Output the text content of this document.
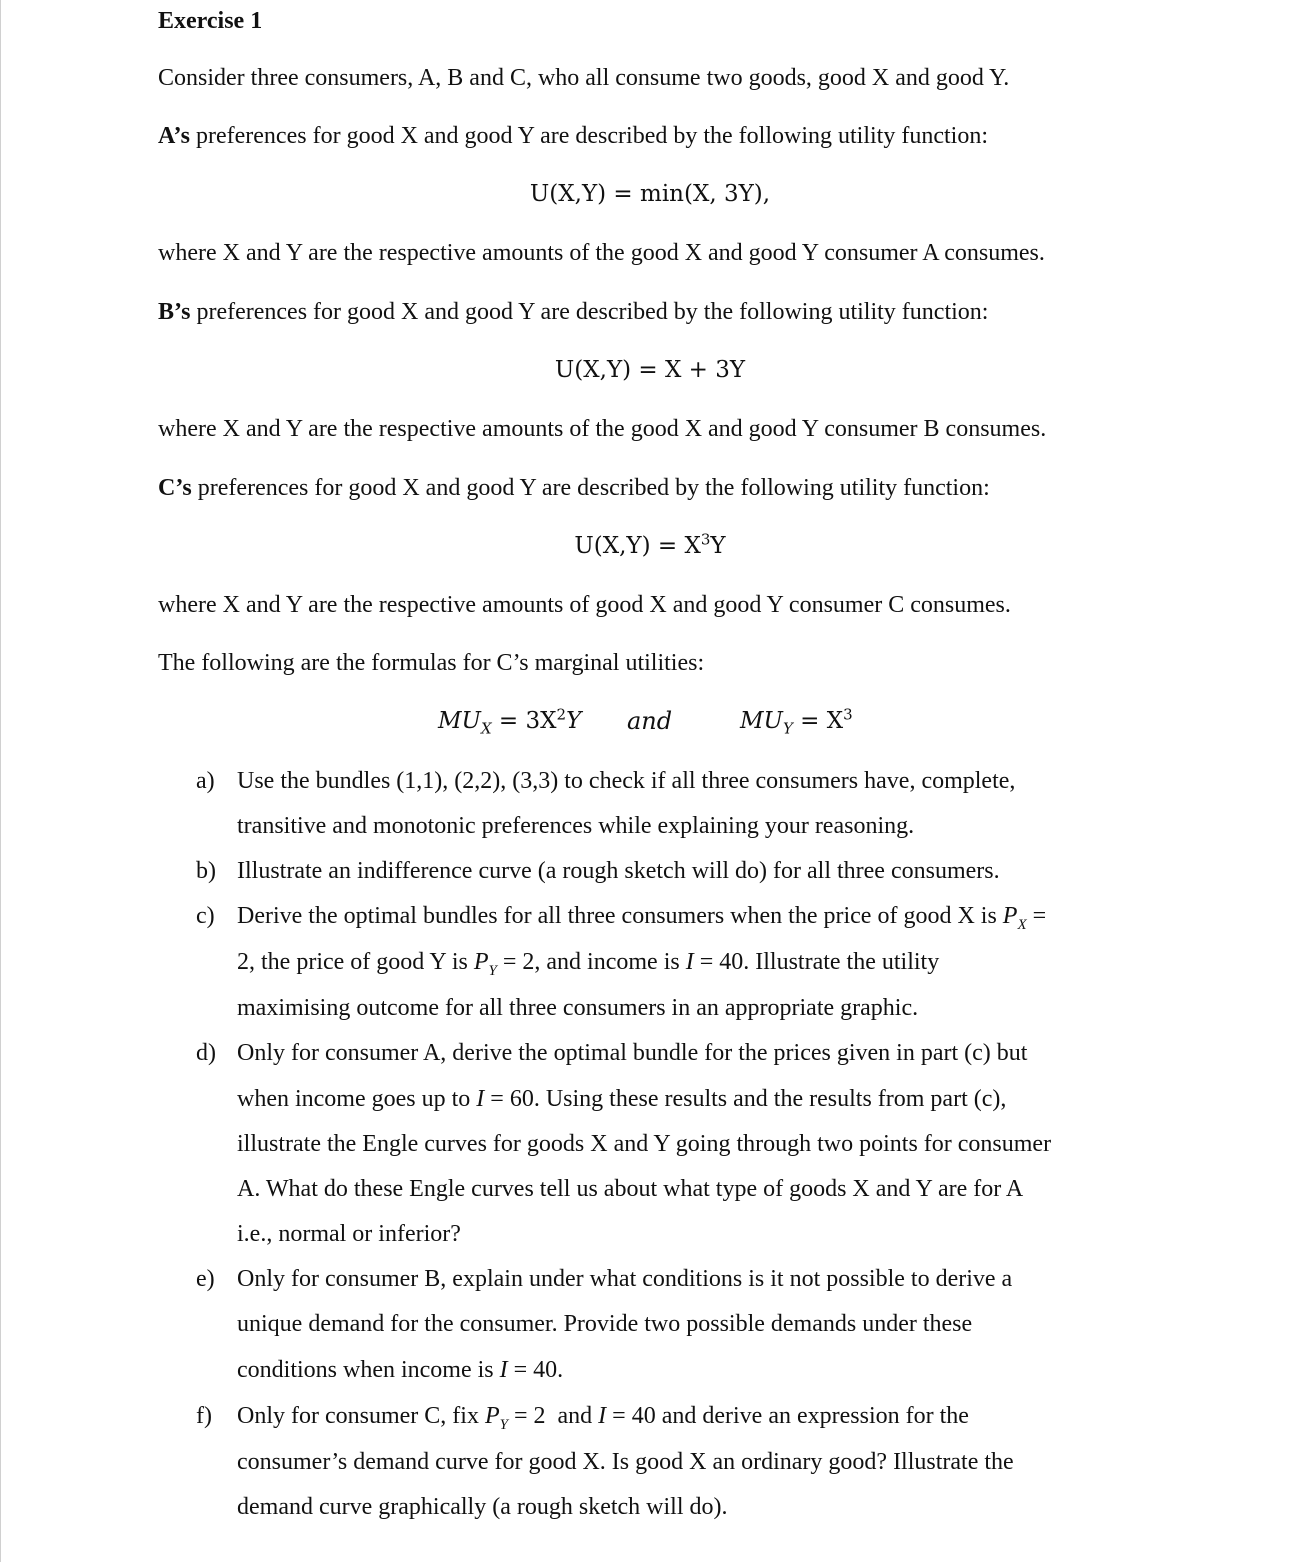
Exercise 1
Consider three consumers, A, B and C, who all consume two goods, good X and good Y.
A’s preferences for good X and good Y are described by the following utility function:
U(X,Y) = min(X, 3Y),
where X and Y are the respective amounts of the good X and good Y consumer A consumes.
B’s preferences for good X and good Y are described by the following utility function:
U(X,Y) = X + 3Y
where X and Y are the respective amounts of the good X and good Y consumer B consumes.
C’s preferences for good X and good Y are described by the following utility function:
$U(X,Y) = X^3Y$
where X and Y are the respective amounts of good X and good Y consumer C consumes.
The following are the formulas for C’s marginal utilities:
$MU_X = 3X^2Y$ and	$MU_Y = X^3$
a) Use the bundles (1,1), (2,2), (3,3) to check if all three consumers have, complete,
transitive and monotonic preferences while explaining your reasoning.
b) Illustrate an indifference curve (a rough sketch will do) for all three consumers.
c) Derive the optimal bundles for all three consumers when the price of good X is $P_X$ =
2, the price of good Y is $P_Y = 2$, and income is I = 40. Illustrate the utility
maximising outcome for all three consumers in an appropriate graphic.
d) Only for consumer A, derive the optimal bundle for the prices given in part (c) but
when income goes up to I = 60. Using these results and the results from part (c),
illustrate the Engle curves for goods X and Y going through two points for consumer
A. What do these Engle curves tell us about what type of goods X and Y are for A
i.e., normal or inferior?
e) Only for consumer B, explain under what conditions is it not possible to derive a
unique demand for the consumer. Provide two possible demands under these
conditions when income is I = 40.
f) Only for consumer C, fix $P_Y = 2$  and I = 40 and derive an expression for the
consumer’s demand curve for good X. Is good X an ordinary good? Illustrate the
demand curve graphically (a rough sketch will do).
